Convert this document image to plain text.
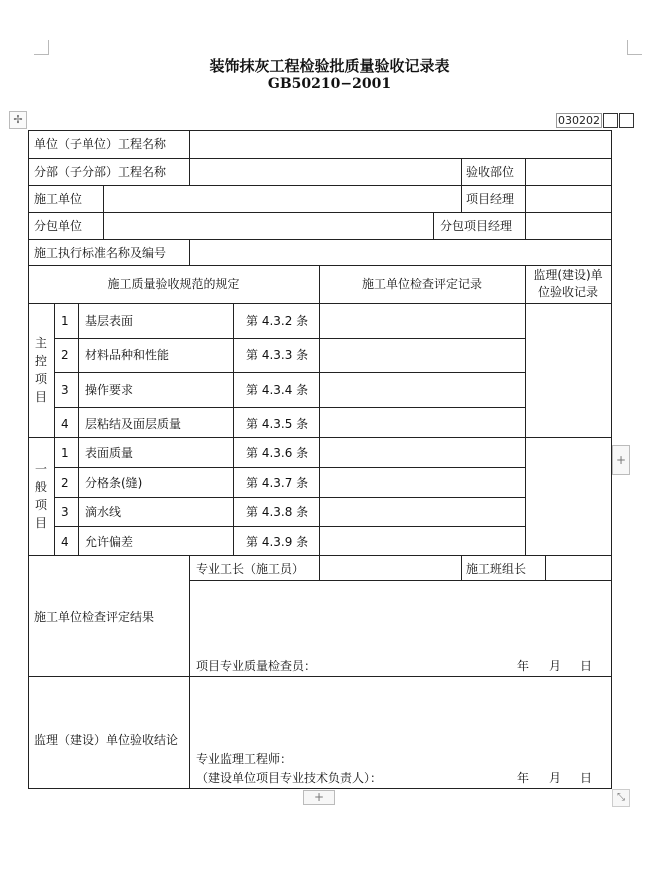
装饰抹灰工程检验批质量验收记录表
GB50210−2001
✢	030202
单位（子单位）工程名称
分部（子分部）工程名称	验收部位
施工单位	项目经理
分包单位	分包项目经理
施工执行标准名称及编号
施工质量验收规范的规定	施工单位检查评定记录
监理(建设)单
位验收记录
主
控
项
目
1 基层表面	第 4.3.2 条
2 材料品种和性能	第 4.3.3 条
3 操作要求	第 4.3.4 条
4 层粘结及面层质量	第 4.3.5 条
一
般
项
目
1 表面质量	第 4.3.6 条
2 分格条(缝)	第 4.3.7 条
3 滴水线	第 4.3.8 条
4 允许偏差	第 4.3.9 条
专业工长（施工员）	施工班组长
施工单位检查评定结果
项目专业质量检查员：	年 月 日
监理（建设）单位验收结论
专业监理工程师：
（建设单位项目专业技术负责人）：	年 月 日
+
+	⤡
